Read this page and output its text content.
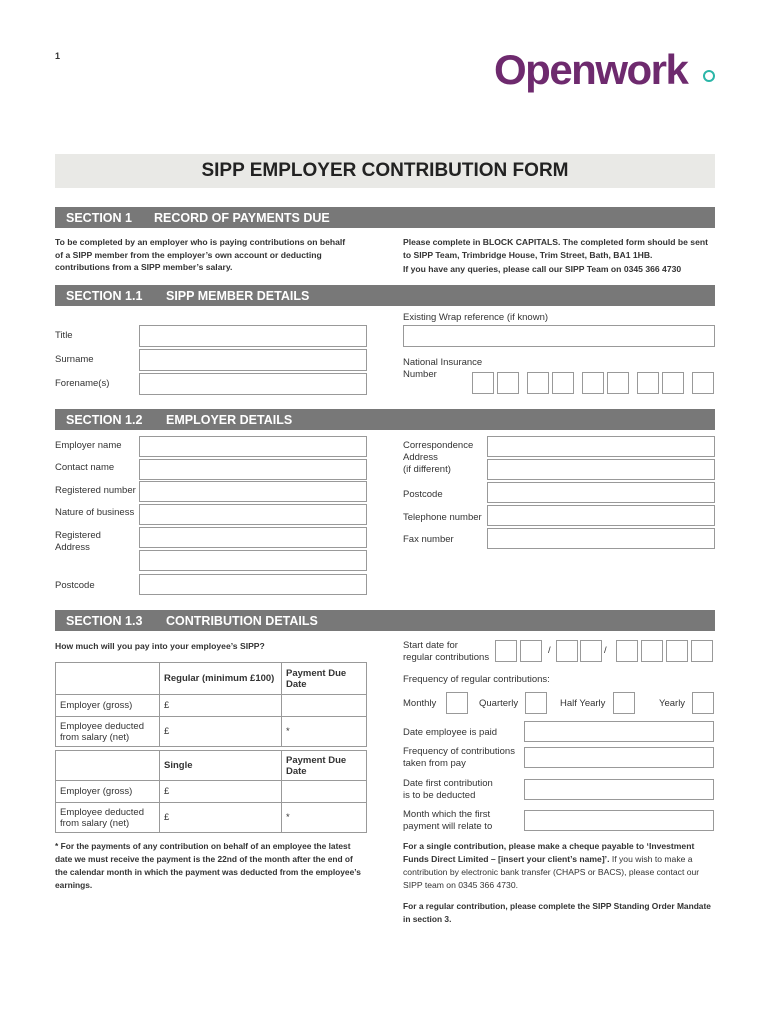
1	Openwork
SIPP EMPLOYER CONTRIBUTION FORM
SECTION 1	RECORD OF PAYMENTS DUE
To be completed by an employer who is paying contributions on behalf of a SIPP member from the employer’s own account or deducting contributions from a SIPP member’s salary.
Please complete in BLOCK CAPITALS. The completed form should be sent to SIPP Team, Trimbridge House, Trim Street, Bath, BA1 1HB.
If you have any queries, please call our SIPP Team on 0345 366 4730
SECTION 1.1	SIPP MEMBER DETAILS
Existing Wrap reference (if known)
Title
Surname
Forename(s)
National Insurance
Number
SECTION 1.2	EMPLOYER DETAILS
Employer name
Contact name
Registered number
Nature of business
Registered
Address
Postcode
Correspondence
Address
(if different)
Postcode
Telephone number
Fax number
SECTION 1.3	CONTRIBUTION DETAILS
How much will you pay into your employee’s SIPP?
	Regular (minimum £100)	Payment Due Date
Employer (gross)	£	
Employee deducted from salary (net)	£	*
	Single	Payment Due Date
Employer (gross)	£	
Employee deducted from salary (net)	£	*
* For the payments of any contribution on behalf of an employee the latest date we must receive the payment is the 22nd of the month after the end of the calendar month in which the payment was deducted from the employee’s earnings.
Start date for
regular contributions
/	/
Frequency of regular contributions:
Monthly	Quarterly	Half Yearly	Yearly
Date employee is paid
Frequency of contributions
taken from pay
Date first contribution
is to be deducted
Month which the first
payment will relate to
For a single contribution, please make a cheque payable to ‘Investment Funds Direct Limited – [insert your client’s name]’. If you wish to make a contribution by electronic bank transfer (CHAPS or BACS), please contact our SIPP team on 0345 366 4730.
For a regular contribution, please complete the SIPP Standing Order Mandate in section 3.
